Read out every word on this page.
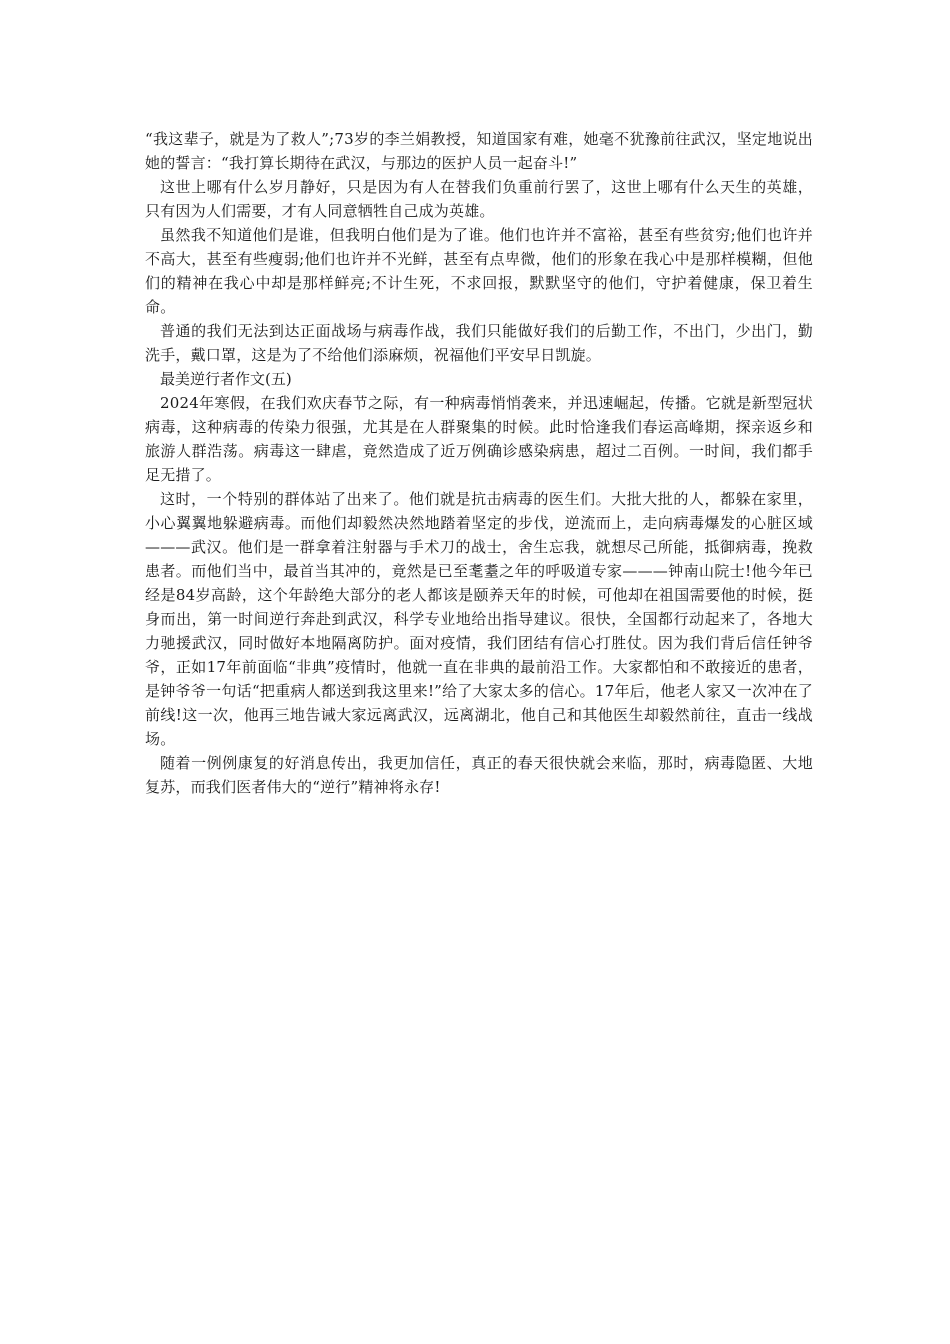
“我这辈子，就是为了救人”;73岁的李兰娟教授，知道国家有难，她毫不犹豫前往武汉，坚定地说出她的誓言：“我打算长期待在武汉，与那边的医护人员一起奋斗!”

这世上哪有什么岁月静好，只是因为有人在替我们负重前行罢了，这世上哪有什么天生的英雄，只有因为人们需要，才有人同意牺牲自己成为英雄。

虽然我不知道他们是谁，但我明白他们是为了谁。他们也许并不富裕，甚至有些贫穷;他们也许并不高大，甚至有些瘦弱;他们也许并不光鲜，甚至有点卑微，他们的形象在我心中是那样模糊，但他们的精神在我心中却是那样鲜亮;不计生死，不求回报，默默坚守的他们，守护着健康，保卫着生命。

普通的我们无法到达正面战场与病毒作战，我们只能做好我们的后勤工作，不出门，少出门，勤洗手，戴口罩，这是为了不给他们添麻烦，祝福他们平安早日凯旋。

最美逆行者作文(五)

2024年寒假，在我们欢庆春节之际，有一种病毒悄悄袭来，并迅速崛起，传播。它就是新型冠状病毒，这种病毒的传染力很强，尤其是在人群聚集的时候。此时恰逢我们春运高峰期，探亲返乡和旅游人群浩荡。病毒这一肆虐，竟然造成了近万例确诊感染病患，超过二百例。一时间，我们都手足无措了。

这时，一个特别的群体站了出来了。他们就是抗击病毒的医生们。大批大批的人，都躲在家里，小心翼翼地躲避病毒。而他们却毅然决然地踏着坚定的步伐，逆流而上，走向病毒爆发的心脏区域———武汉。他们是一群拿着注射器与手术刀的战士，舍生忘我，就想尽己所能，抵御病毒，挽救患者。而他们当中，最首当其冲的，竟然是已至耄耋之年的呼吸道专家———钟南山院士!他今年已经是84岁高龄，这个年龄绝大部分的老人都该是颐养天年的时候，可他却在祖国需要他的时候，挺身而出，第一时间逆行奔赴到武汉，科学专业地给出指导建议。很快，全国都行动起来了，各地大力驰援武汉，同时做好本地隔离防护。面对疫情，我们团结有信心打胜仗。因为我们背后信任钟爷爷，正如17年前面临“非典”疫情时，他就一直在非典的最前沿工作。大家都怕和不敢接近的患者，是钟爷爷一句话“把重病人都送到我这里来!”给了大家太多的信心。17年后，他老人家又一次冲在了前线!这一次，他再三地告诫大家远离武汉，远离湖北，他自己和其他医生却毅然前往，直击一线战场。

随着一例例康复的好消息传出，我更加信任，真正的春天很快就会来临，那时，病毒隐匿、大地复苏，而我们医者伟大的“逆行”精神将永存!
